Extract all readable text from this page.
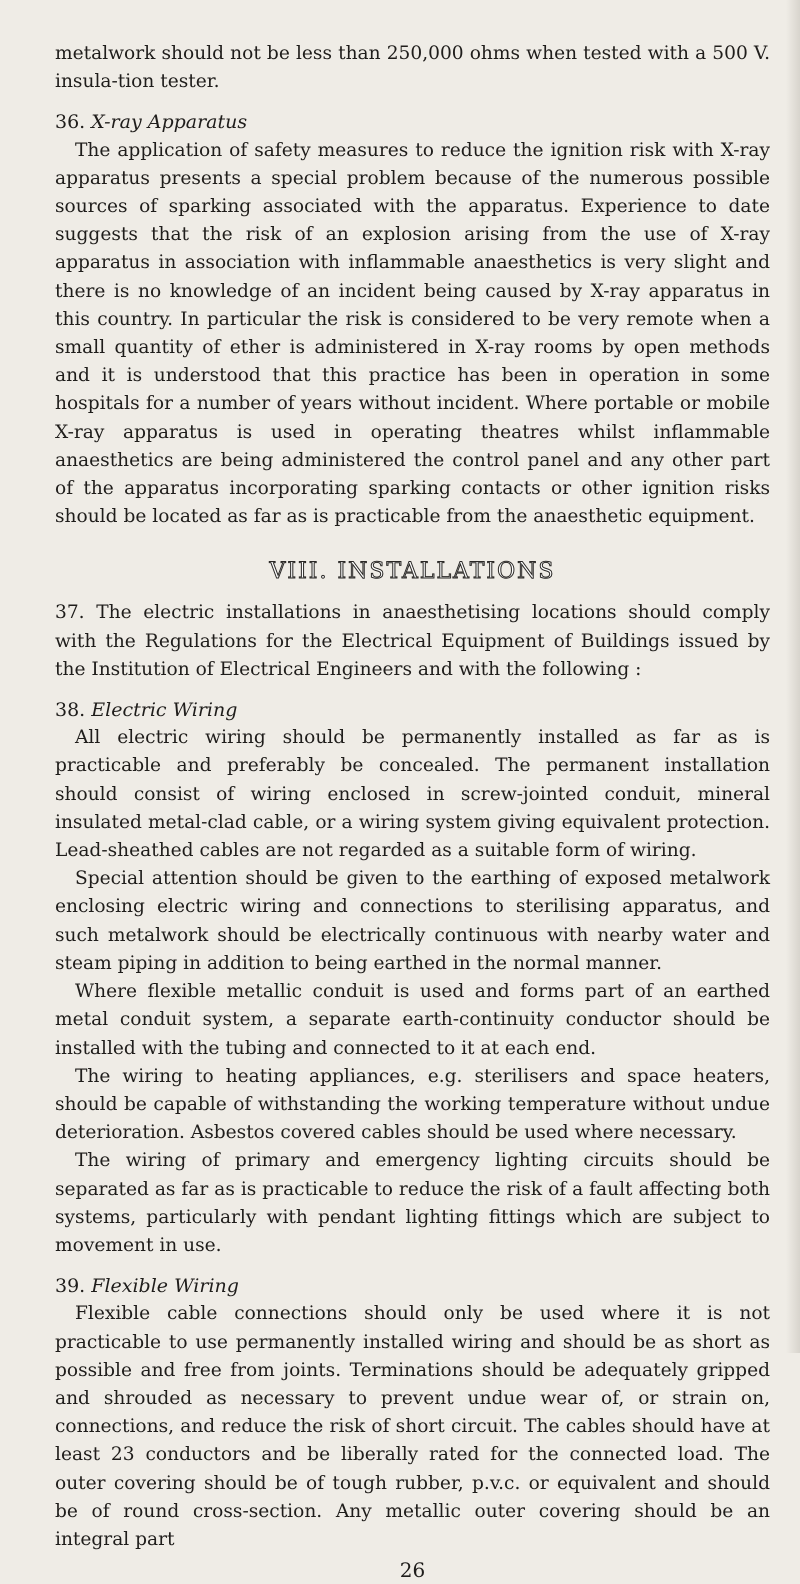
metalwork should not be less than 250,000 ohms when tested with a 500 V. insula-tion tester.

36. X-ray Apparatus

The application of safety measures to reduce the ignition risk with X-ray apparatus presents a special problem because of the numerous possible sources of sparking associated with the apparatus. Experience to date suggests that the risk of an explosion arising from the use of X-ray apparatus in association with inflammable anaesthetics is very slight and there is no knowledge of an incident being caused by X-ray apparatus in this country. In particular the risk is considered to be very remote when a small quantity of ether is administered in X-ray rooms by open methods and it is understood that this practice has been in operation in some hospitals for a number of years without incident. Where portable or mobile X-ray apparatus is used in operating theatres whilst inflammable anaesthetics are being administered the control panel and any other part of the apparatus incorporating sparking contacts or other ignition risks should be located as far as is practicable from the anaesthetic equipment.

VIII. INSTALLATIONS

37. The electric installations in anaesthetising locations should comply with the Regulations for the Electrical Equipment of Buildings issued by the Institution of Electrical Engineers and with the following :

38. Electric Wiring

All electric wiring should be permanently installed as far as is practicable and preferably be concealed. The permanent installation should consist of wiring enclosed in screw-jointed conduit, mineral insulated metal-clad cable, or a wiring system giving equivalent protection. Lead-sheathed cables are not regarded as a suitable form of wiring.

Special attention should be given to the earthing of exposed metalwork enclosing electric wiring and connections to sterilising apparatus, and such metalwork should be electrically continuous with nearby water and steam piping in addition to being earthed in the normal manner.

Where flexible metallic conduit is used and forms part of an earthed metal conduit system, a separate earth-continuity conductor should be installed with the tubing and connected to it at each end.

The wiring to heating appliances, e.g. sterilisers and space heaters, should be capable of withstanding the working temperature without undue deterioration. Asbestos covered cables should be used where necessary.

The wiring of primary and emergency lighting circuits should be separated as far as is practicable to reduce the risk of a fault affecting both systems, particularly with pendant lighting fittings which are subject to movement in use.

39. Flexible Wiring

Flexible cable connections should only be used where it is not practicable to use permanently installed wiring and should be as short as possible and free from joints. Terminations should be adequately gripped and shrouded as necessary to prevent undue wear of, or strain on, connections, and reduce the risk of short circuit. The cables should have at least 23 conductors and be liberally rated for the connected load. The outer covering should be of tough rubber, p.v.c. or equivalent and should be of round cross-section. Any metallic outer covering should be an integral part

26
